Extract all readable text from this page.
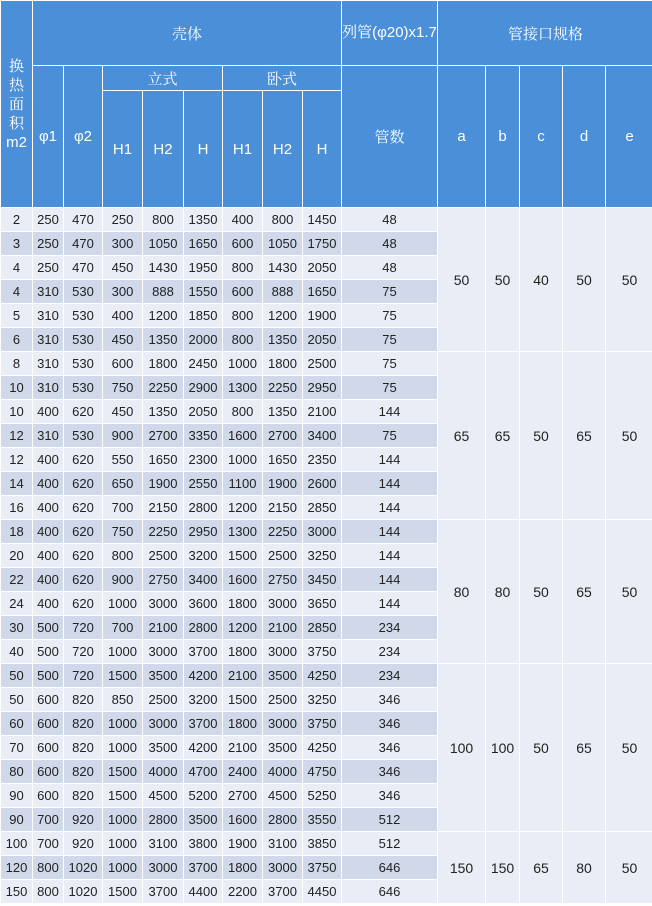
换热面积m2	壳体								列管(φ20)x1.7	管接口规格				
	φ1	φ2	立式			卧式			管数	a	b	c	d	e
			H1	H2	H	H1	H2	H						
2	250	470	250	800	1350	400	800	1450	48	50	50	40	50	50
3	250	470	300	1050	1650	600	1050	1750	48					
4	250	470	450	1430	1950	800	1430	2050	48					
4	310	530	300	888	1550	600	888	1650	75					
5	310	530	400	1200	1850	800	1200	1900	75					
6	310	530	450	1350	2000	800	1350	2050	75					
8	310	530	600	1800	2450	1000	1800	2500	75	65	65	50	65	50
10	310	530	750	2250	2900	1300	2250	2950	75					
10	400	620	450	1350	2050	800	1350	2100	144					
12	310	530	900	2700	3350	1600	2700	3400	75					
12	400	620	550	1650	2300	1000	1650	2350	144					
14	400	620	650	1900	2550	1100	1900	2600	144					
16	400	620	700	2150	2800	1200	2150	2850	144					
18	400	620	750	2250	2950	1300	2250	3000	144	80	80	50	65	50
20	400	620	800	2500	3200	1500	2500	3250	144					
22	400	620	900	2750	3400	1600	2750	3450	144					
24	400	620	1000	3000	3600	1800	3000	3650	144					
30	500	720	700	2100	2800	1200	2100	2850	234					
40	500	720	1000	3000	3700	1800	3000	3750	234					
50	500	720	1500	3500	4200	2100	3500	4250	234	100	100	50	65	50
50	600	820	850	2500	3200	1500	2500	3250	346					
60	600	820	1000	3000	3700	1800	3000	3750	346					
70	600	820	1000	3500	4200	2100	3500	4250	346					
80	600	820	1500	4000	4700	2400	4000	4750	346					
90	600	820	1500	4500	5200	2700	4500	5250	346					
90	700	920	1000	2800	3500	1600	2800	3550	512					
100	700	920	1000	3100	3800	1900	3100	3850	512	150	150	65	80	50
120	800	1020	1000	3000	3700	1800	3000	3750	646					
150	800	1020	1500	3700	4400	2200	3700	4450	646					
